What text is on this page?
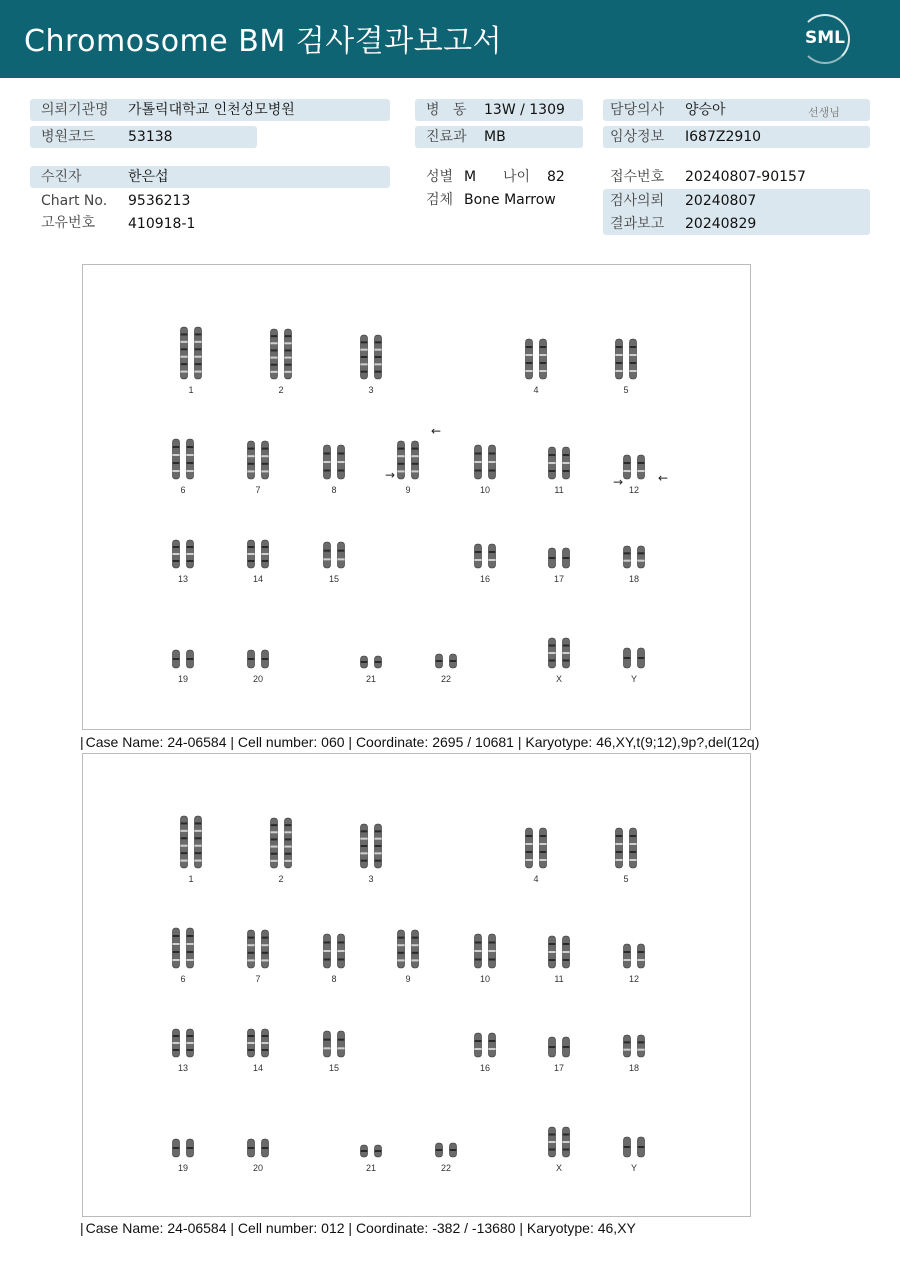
Chromosome BM 검사결과보고서	SML
의뢰기관명 가톨릭대학교 인천성모병원
병원코드 53138
병   동 13W / 1309
진료과 MB
담당의사 양승아	선생님
임상정보 I687Z2910
수진자	한은섭
Chart No. 9536213
고유번호 410918-1
성별 M 나이 82
검체 Bone Marrow
접수번호 20240807-90157
검사의뢰 20240807
결과보고 20240829
1	2	3	4	5
6	7	8	9	10	11	12
13	14	15	16	17	18
19	20	21	22	X	Y
←
→	→	←
| Case Name: 24-06584 | Cell number: 060 | Coordinate: 2695 / 10681 | Karyotype: 46,XY,t(9;12),9p?,del(12q)
1	2	3	4	5
6	7	8	9	10	11	12
13	14	15	16	17	18
19	20	21	22	X	Y
| Case Name: 24-06584 | Cell number: 012 | Coordinate: -382 / -13680 | Karyotype: 46,XY
